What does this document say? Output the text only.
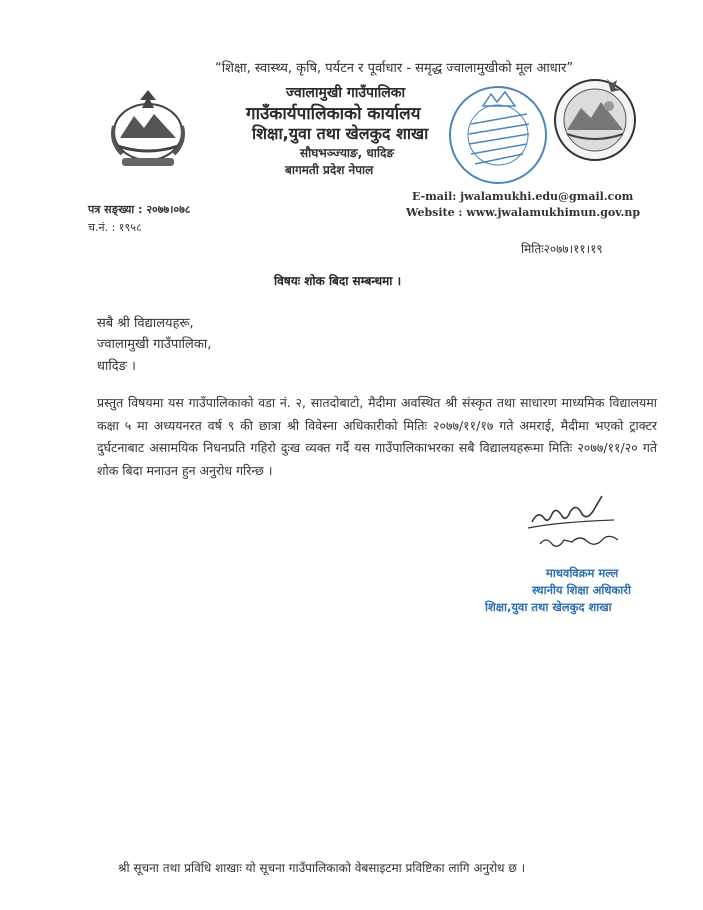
“शिक्षा, स्वास्थ्य, कृषि, पर्यटन र पूर्वाधार - समृद्ध ज्वालामुखीको मूल आधार”
ज्वालामुखी गाउँपालिका
गाउँकार्यपालिकाको कार्यालय
शिक्षा,युवा तथा खेलकुद शाखा
सौघभञ्ज्याङ, धादिङ
बागमती प्रदेश नेपाल
E-mail: jwalamukhi.edu@gmail.com
Website : www.jwalamukhimun.gov.np
पत्र सङ्ख्या : २०७७।०७८
च.नं. : १९५८
मितिः२०७७।११।१९
विषयः शोक बिदा सम्बन्धमा ।
सबै श्री विद्यालयहरू,
ज्वालामुखी गाउँपालिका,
धादिङ ।
प्रस्तुत विषयमा यस गाउँपालिकाको वडा नं. २, सातदोबाटो, मैदीमा अवस्थित श्री संस्कृत तथा साधारण माध्यमिक विद्यालयमा कक्षा ५ मा अध्ययनरत वर्ष ९ की छात्रा श्री विवेस्ना अधिकारीको मितिः २०७७/११/१७ गते अमराई, मैदीमा भएको ट्राक्टर दुर्घटनाबाट असामयिक निधनप्रति गहिरो दुःख व्यक्त गर्दै यस गाउँपालिकाभरका सबै विद्यालयहरूमा मितिः २०७७/११/२० गते शोक बिदा मनाउन हुन अनुरोध गरिन्छ ।
माधवविक्रम मल्ल
स्थानीय शिक्षा अधिकारी
शिक्षा,युवा तथा खेलकुद शाखा
श्री सूचना तथा प्रविधि शाखाः यो सूचना गाउँपालिकाको वेबसाइटमा प्रविष्टिका लागि अनुरोध छ ।
